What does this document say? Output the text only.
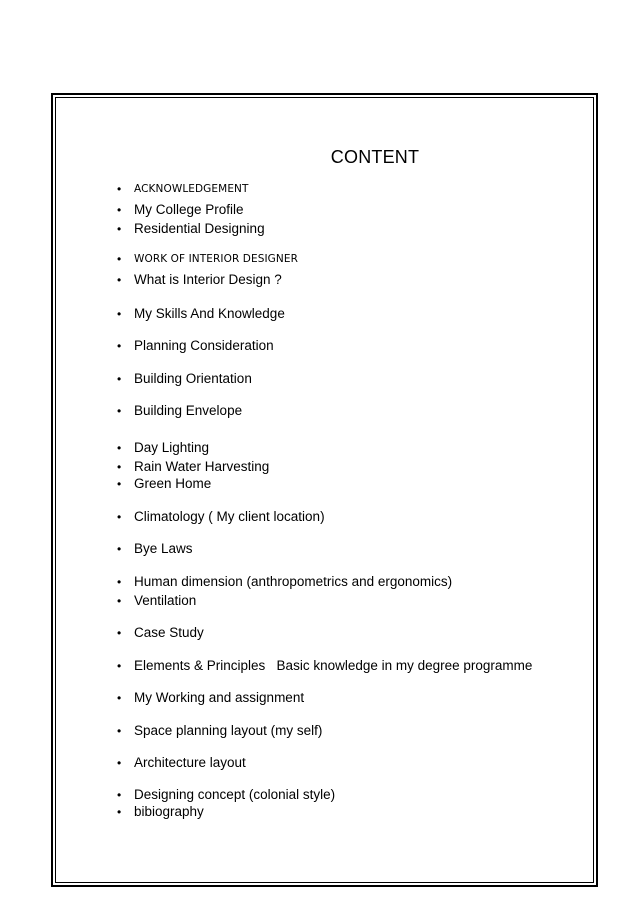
CONTENT
•
ACKNOWLEDGEMENT
•
My College Profile
•
Residential Designing
•
WORK OF INTERIOR DESIGNER
•
What is Interior Design ?
•
My Skills And Knowledge
•
Planning Consideration
•
Building Orientation
•
Building Envelope
•
Day Lighting
•
Rain Water Harvesting
•
Green Home
•
Climatology ( My client location)
•
Bye Laws
•
Human dimension (anthropometrics and ergonomics)
•
Ventilation
•
Case Study
•
Elements & Principles   Basic knowledge in my degree programme
•
My Working and assignment
•
Space planning layout (my self)
•
Architecture layout
•
Designing concept (colonial style)
•
bibiography
